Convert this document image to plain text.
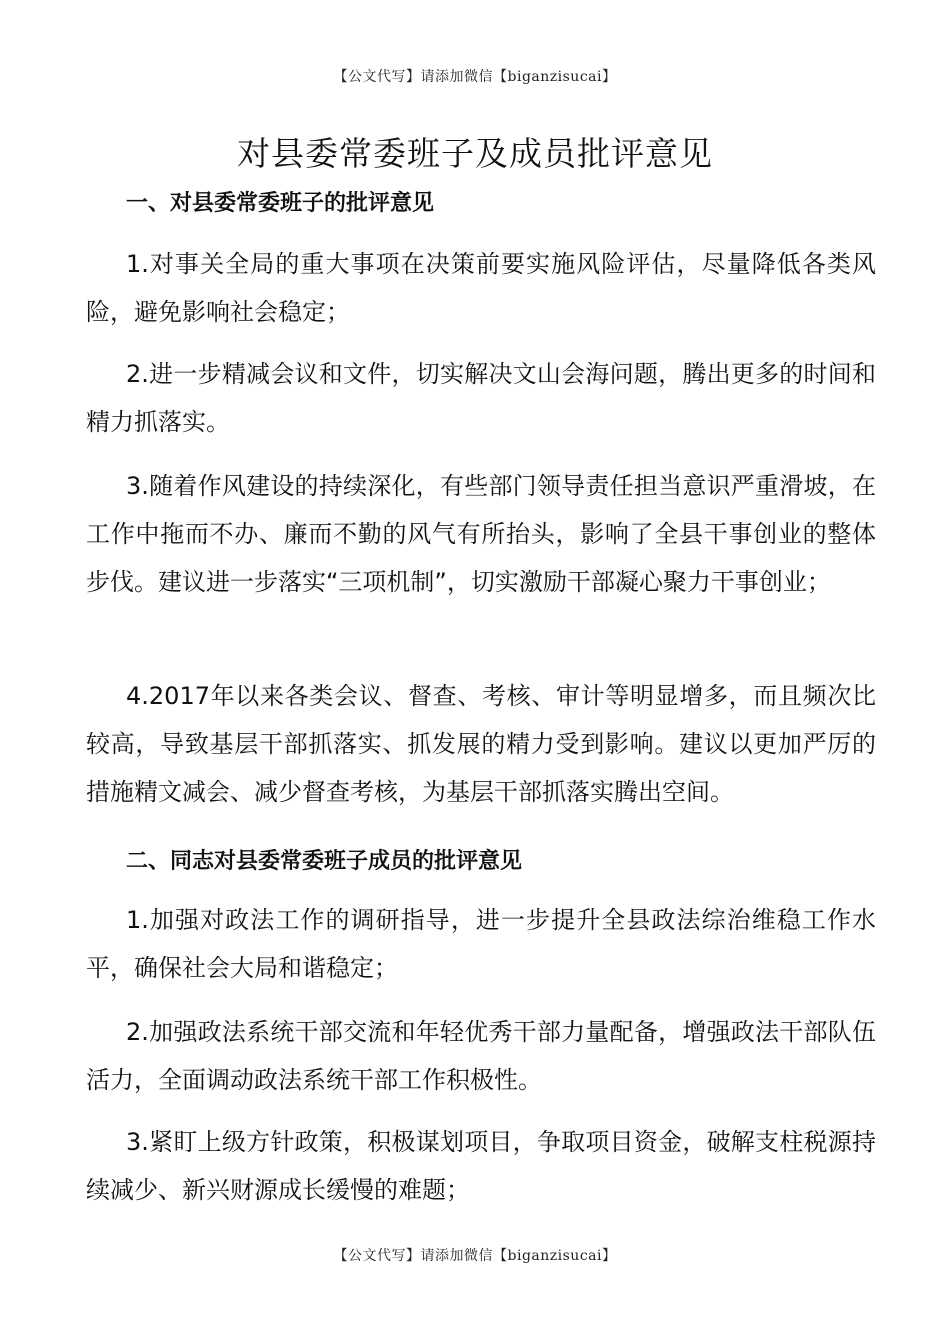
【公文代写】请添加微信【biganzisucai】
对县委常委班子及成员批评意见
一、对县委常委班子的批评意见

1.对事关全局的重大事项在决策前要实施风险评估，尽量降低各类风险，避免影响社会稳定；

2.进一步精减会议和文件，切实解决文山会海问题，腾出更多的时间和精力抓落实。

3.随着作风建设的持续深化，有些部门领导责任担当意识严重滑坡，在工作中拖而不办、廉而不勤的风气有所抬头，影响了全县干事创业的整体步伐。建议进一步落实“三项机制”，切实激励干部凝心聚力干事创业；

4.2017年以来各类会议、督查、考核、审计等明显增多，而且频次比较高，导致基层干部抓落实、抓发展的精力受到影响。建议以更加严厉的措施精文减会、减少督查考核，为基层干部抓落实腾出空间。

二、同志对县委常委班子成员的批评意见

1.加强对政法工作的调研指导，进一步提升全县政法综治维稳工作水平，确保社会大局和谐稳定；

2.加强政法系统干部交流和年轻优秀干部力量配备，增强政法干部队伍活力，全面调动政法系统干部工作积极性。

3.紧盯上级方针政策，积极谋划项目，争取项目资金，破解支柱税源持续减少、新兴财源成长缓慢的难题；

【公文代写】请添加微信【biganzisucai】
